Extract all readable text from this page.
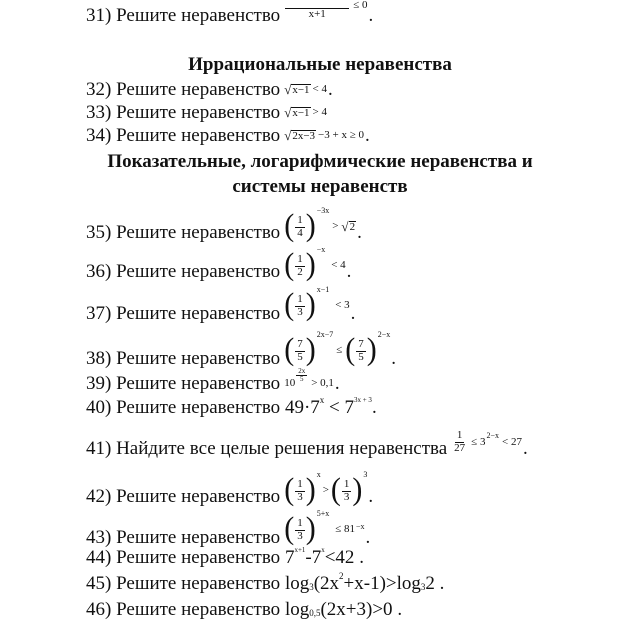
31)
Решите неравенство	x+1
≤ 0
.
Иррациональные неравенства
32)
Решите неравенство √ x−1 < 4 .
33)
Решите неравенство √ x−1 > 4
34)
Решите неравенство √ 2x−3 −3 + x ≥ 0 .
Показательные, логарифмические неравенства и
системы неравенств
35)
Решите неравенство ( $\frac{1}{4}$ ) −3x
> √ 2 .
36)
Решите неравенство ( $\frac{1}{2}$ ) −x
< 4 .
37)
Решите неравенство ( $\frac{1}{3}$ ) x−1
< 3 .
38)
Решите неравенство ( $\frac{7}{5}$ ) 2x−7
≤ ( $\frac{7}{5}$ ) 2−x
.
39)
Решите неравенство $10 \frac{2x}{5} > 0,1$ .
40)
Решите неравенство
49·7 x < 7 3x + 3 .
41)
Найдите все целые решения неравенства $\frac{1}{27} \le 3$ 2−x < 27 .
42)
Решите неравенство ( $\frac{1}{3}$ ) x
> ( $\frac{1}{3}$ ) 3
.
43)
Решите неравенство ( $\frac{1}{3}$ ) 5+x
≤ 81 −x .
44)
Решите неравенство
7 x+1 -7 x <42 .
45)
Решите неравенство
log 3 (2x 2 +x-1)>log 3 2 .
46)
Решите неравенство
log 0,5 (2x+3)>0 .
